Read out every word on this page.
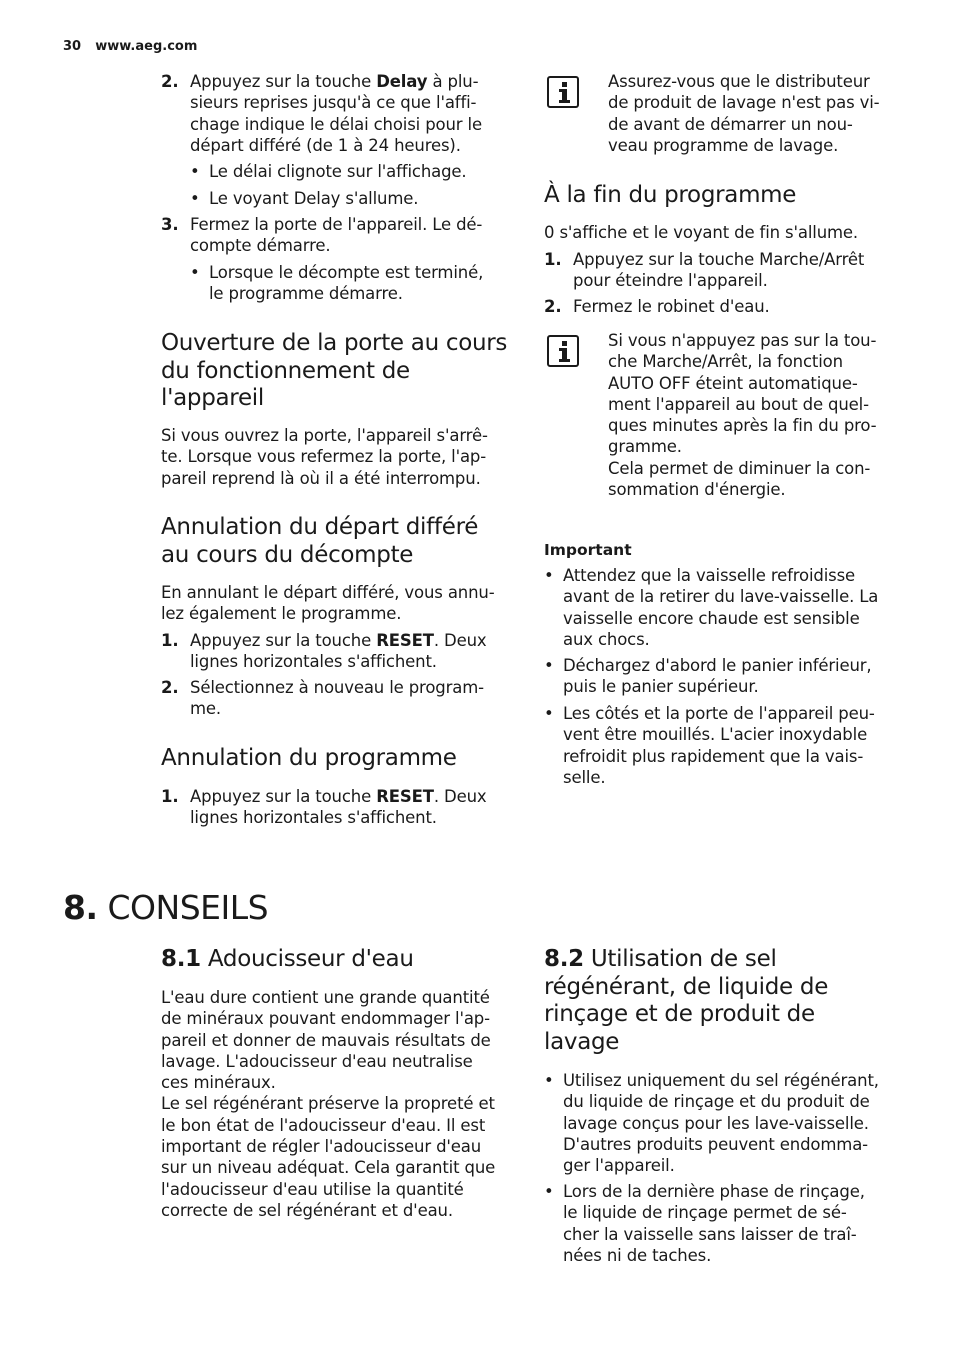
30 www.aeg.com
2. Appuyez sur la touche Delay à plu-
sieurs reprises jusqu'à ce que l'affi-
chage indique le délai choisi pour le
départ différé (de 1 à 24 heures).
• Le délai clignote sur l'affichage.
• Le voyant Delay s'allume.
3. Fermez la porte de l'appareil. Le dé-
compte démarre.
• Lorsque le décompte est terminé,
le programme démarre.
Ouverture de la porte au cours
du fonctionnement de
l'appareil
Si vous ouvrez la porte, l'appareil s'arrê-
te. Lorsque vous refermez la porte, l'ap-
pareil reprend là où il a été interrompu.
Annulation du départ différé
au cours du décompte
En annulant le départ différé, vous annu-
lez également le programme.
1. Appuyez sur la touche RESET. Deux
lignes horizontales s'affichent.
2. Sélectionnez à nouveau le program-
me.
Annulation du programme
1. Appuyez sur la touche RESET. Deux
lignes horizontales s'affichent.
Assurez-vous que le distributeur
de produit de lavage n'est pas vi-
de avant de démarrer un nou-
veau programme de lavage.
À la fin du programme
0 s'affiche et le voyant de fin s'allume.
1. Appuyez sur la touche Marche/Arrêt
pour éteindre l'appareil.
2. Fermez le robinet d'eau.
Si vous n'appuyez pas sur la tou-
che Marche/Arrêt, la fonction
AUTO OFF éteint automatique-
ment l'appareil au bout de quel-
ques minutes après la fin du pro-
gramme.
Cela permet de diminuer la con-
sommation d'énergie.
Important
• Attendez que la vaisselle refroidisse
avant de la retirer du lave-vaisselle. La
vaisselle encore chaude est sensible
aux chocs.
• Déchargez d'abord le panier inférieur,
puis le panier supérieur.
• Les côtés et la porte de l'appareil peu-
vent être mouillés. L'acier inoxydable
refroidit plus rapidement que la vais-
selle.
8. CONSEILS
8.1 Adoucisseur d'eau
L'eau dure contient une grande quantité
de minéraux pouvant endommager l'ap-
pareil et donner de mauvais résultats de
lavage. L'adoucisseur d'eau neutralise
ces minéraux.
Le sel régénérant préserve la propreté et
le bon état de l'adoucisseur d'eau. Il est
important de régler l'adoucisseur d'eau
sur un niveau adéquat. Cela garantit que
l'adoucisseur d'eau utilise la quantité
correcte de sel régénérant et d'eau.
8.2 Utilisation de sel
régénérant, de liquide de
rinçage et de produit de
lavage
• Utilisez uniquement du sel régénérant,
du liquide de rinçage et du produit de
lavage conçus pour les lave-vaisselle.
D'autres produits peuvent endomma-
ger l'appareil.
• Lors de la dernière phase de rinçage,
le liquide de rinçage permet de sé-
cher la vaisselle sans laisser de traî-
nées ni de taches.
